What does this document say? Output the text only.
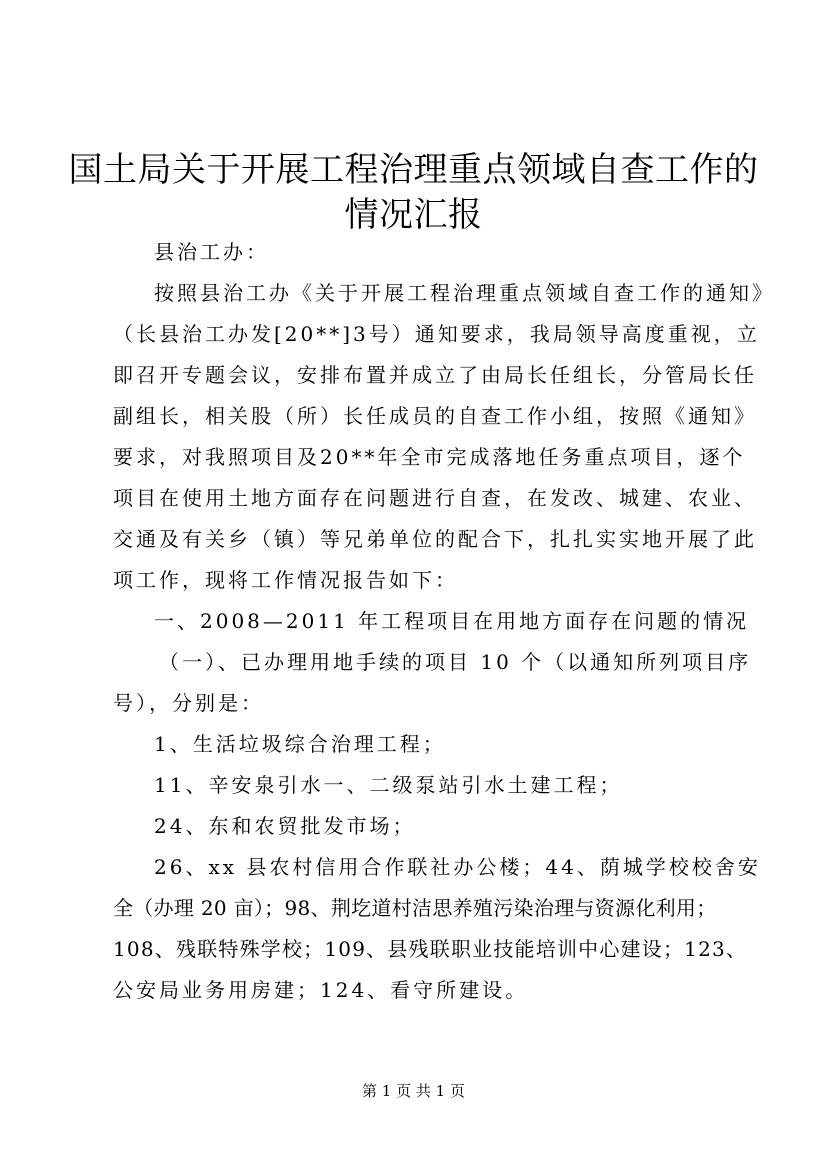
国土局关于开展工程治理重点领域自查工作的
情况汇报

县治工办：

按照县治工办《关于开展工程治理重点领域自查工作的通知》

（长县治工办发[20**]3号）通知要求，我局领导高度重视，立

即召开专题会议，安排布置并成立了由局长任组长，分管局长任

副组长，相关股（所）长任成员的自查工作小组，按照《通知》

要求，对我照项目及20**年全市完成落地任务重点项目，逐个

项目在使用土地方面存在问题进行自查，在发改、城建、农业、

交通及有关乡（镇）等兄弟单位的配合下，扎扎实实地开展了此

项工作，现将工作情况报告如下：

一、2008—2011 年工程项目在用地方面存在问题的情况

（一）、已办理用地手续的项目 10 个（以通知所列项目序

号），分别是：

1、生活垃圾综合治理工程；

11、辛安泉引水一、二级泵站引水土建工程；

24、东和农贸批发市场；

26、xx 县农村信用合作联社办公楼；44、荫城学校校舍安

全（办理 20 亩）；98、荆圪道村洁思养殖污染治理与资源化利用；

108、残联特殊学校；109、县残联职业技能培训中心建设；123、

公安局业务用房建；124、看守所建设。

第 1 页 共 1 页
